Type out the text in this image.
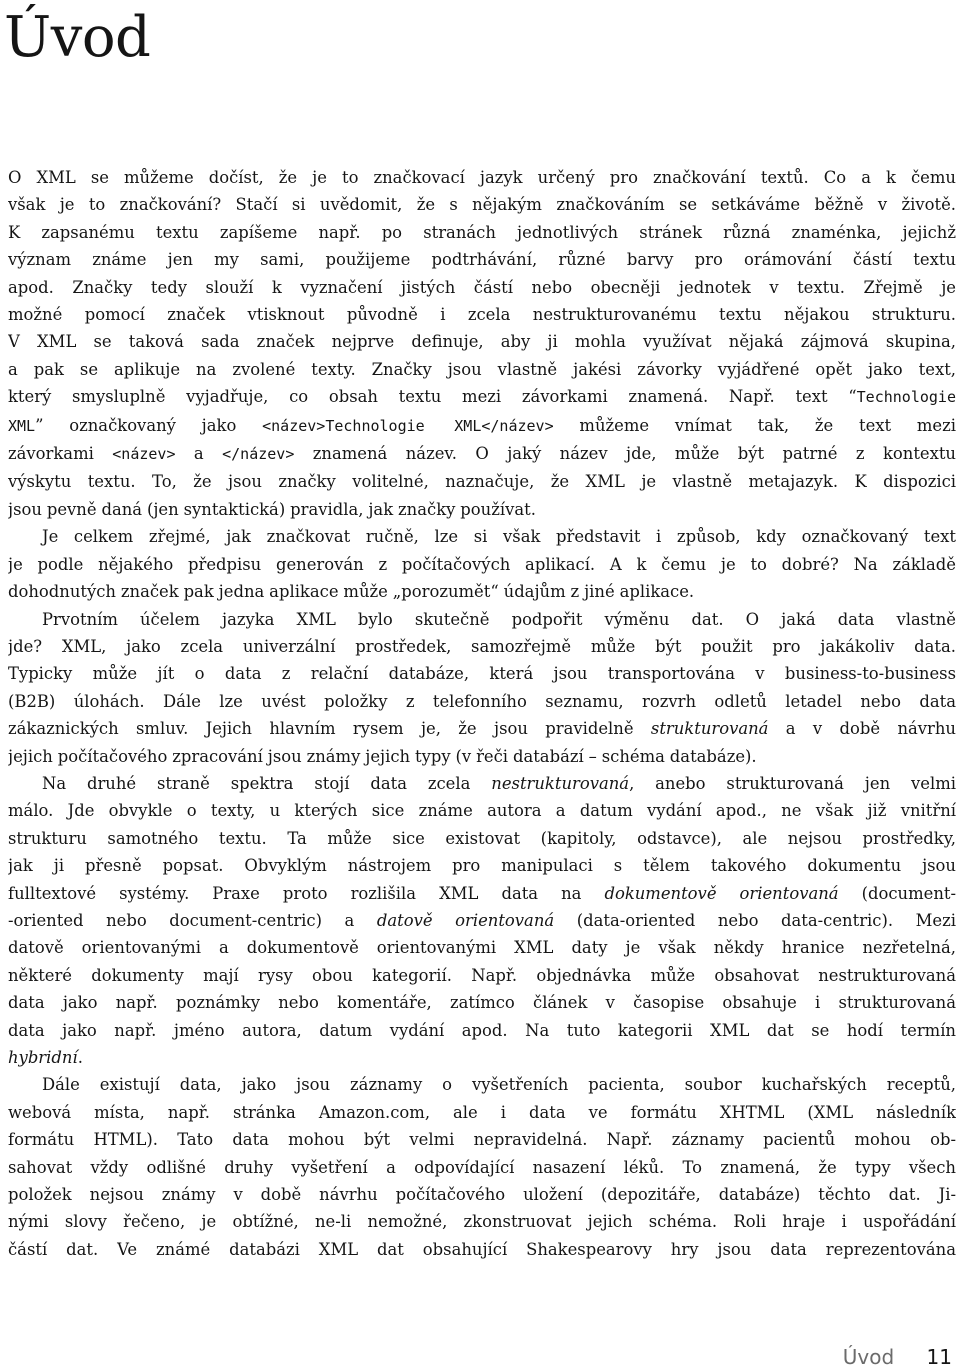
Úvod
O XML se můžeme dočíst, že je to značkovací jazyk určený pro značkování textů. Co a k čemu
však je to značkování? Stačí si uvědomit, že s nějakým značkováním se setkáváme běžně v životě.
K zapsanému textu zapíšeme např. po stranách jednotlivých stránek různá znaménka, jejichž
význam známe jen my sami, použijeme podtrhávání, různé barvy pro orámování částí textu
apod. Značky tedy slouží k vyznačení jistých částí nebo obecněji jednotek v textu. Zřejmě je
možné pomocí značek vtisknout původně i zcela nestrukturovanému textu nějakou strukturu.
V XML se taková sada značek nejprve definuje, aby ji mohla využívat nějaká zájmová skupina,
a pak se aplikuje na zvolené texty. Značky jsou vlastně jakési závorky vyjádřené opět jako text,
který smysluplně vyjadřuje, co obsah textu mezi závorkami znamená. Např. text “Technologie
XML” označkovaný jako <název>Technologie XML</název> můžeme vnímat tak, že text mezi
závorkami <název> a </název> znamená název. O jaký název jde, může být patrné z kontextu
výskytu textu. To, že jsou značky volitelné, naznačuje, že XML je vlastně metajazyk. K dispozici
jsou pevně daná (jen syntaktická) pravidla, jak značky používat.
Je celkem zřejmé, jak značkovat ručně, lze si však představit i způsob, kdy označkovaný text
je podle nějakého předpisu generován z počítačových aplikací. A k čemu je to dobré? Na základě
dohodnutých značek pak jedna aplikace může „porozumět“ údajům z jiné aplikace.
Prvotním účelem jazyka XML bylo skutečně podpořit výměnu dat. O jaká data vlastně
jde? XML, jako zcela univerzální prostředek, samozřejmě může být použit pro jakákoliv data.
Typicky může jít o data z relační databáze, která jsou transportována v business-to-business
(B2B) úlohách. Dále lze uvést položky z telefonního seznamu, rozvrh odletů letadel nebo data
zákaznických smluv. Jejich hlavním rysem je, že jsou pravidelně strukturovaná a v době návrhu
jejich počítačového zpracování jsou známy jejich typy (v řeči databází – schéma databáze).
Na druhé straně spektra stojí data zcela nestrukturovaná, anebo strukturovaná jen velmi
málo. Jde obvykle o texty, u kterých sice známe autora a datum vydání apod., ne však již vnitřní
strukturu samotného textu. Ta může sice existovat (kapitoly, odstavce), ale nejsou prostředky,
jak ji přesně popsat. Obvyklým nástrojem pro manipulaci s tělem takového dokumentu jsou
fulltextové systémy. Praxe proto rozlišila XML data na dokumentově orientovaná (document-
-oriented nebo document-centric) a datově orientovaná (data-oriented nebo data-centric). Mezi
datově orientovanými a dokumentově orientovanými XML daty je však někdy hranice nezřetelná,
některé dokumenty mají rysy obou kategorií. Např. objednávka může obsahovat nestrukturovaná
data jako např. poznámky nebo komentáře, zatímco článek v časopise obsahuje i strukturovaná
data jako např. jméno autora, datum vydání apod. Na tuto kategorii XML dat se hodí termín
hybridní.
Dále existují data, jako jsou záznamy o vyšetřeních pacienta, soubor kuchařských receptů,
webová místa, např. stránka Amazon.com, ale i data ve formátu XHTML (XML následník
formátu HTML). Tato data mohou být velmi nepravidelná. Např. záznamy pacientů mohou ob-
sahovat vždy odlišné druhy vyšetření a odpovídající nasazení léků. To znamená, že typy všech
položek nejsou známy v době návrhu počítačového uložení (depozitáře, databáze) těchto dat. Ji-
nými slovy řečeno, je obtížné, ne-li nemožné, zkonstruovat jejich schéma. Roli hraje i uspořádání
částí dat. Ve známé databázi XML dat obsahující Shakespearovy hry jsou data reprezentována
Úvod 11
